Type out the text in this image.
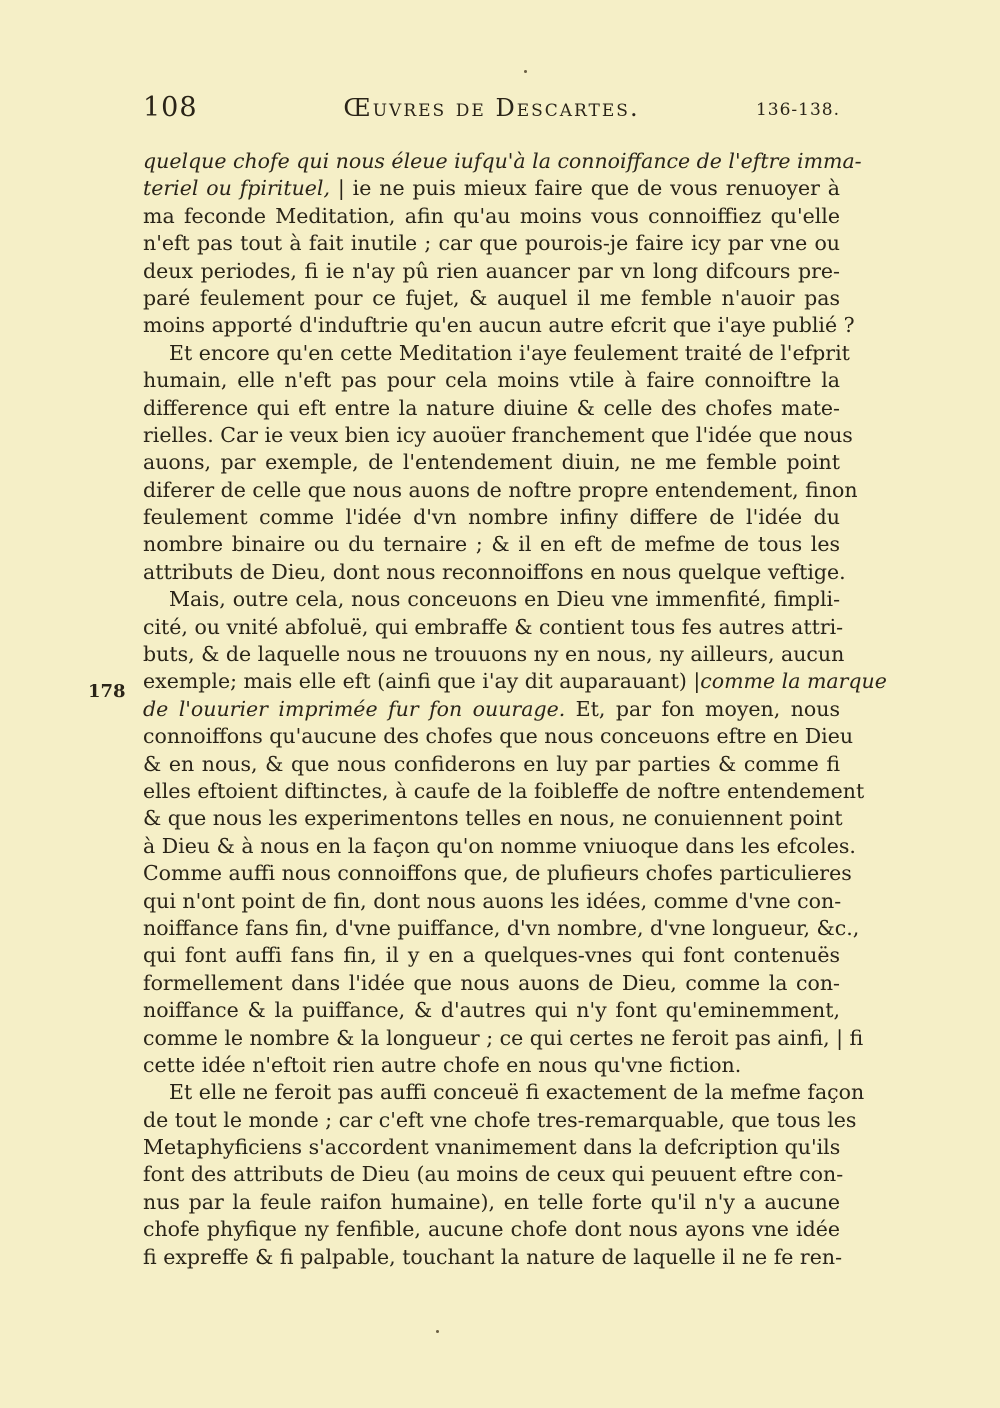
108	Œuvres de Descartes.	136-138.
178
quelque chofe qui nous éleue iufqu'à la connoiffance de l'eftre imma-
teriel ou fpirituel, | ie ne puis mieux faire que de vous renuoyer à
ma feconde Meditation, afin qu'au moins vous connoiffiez qu'elle
n'eft pas tout à fait inutile ; car que pourois-je faire icy par vne ou
deux periodes, fi ie n'ay pû rien auancer par vn long difcours pre-
paré feulement pour ce fujet, & auquel il me femble n'auoir pas
moins apporté d'induftrie qu'en aucun autre efcrit que i'aye publié ?
Et encore qu'en cette Meditation i'aye feulement traité de l'efprit
humain, elle n'eft pas pour cela moins vtile à faire connoiftre la
difference qui eft entre la nature diuine & celle des chofes mate-
rielles. Car ie veux bien icy auoüer franchement que l'idée que nous
auons, par exemple, de l'entendement diuin, ne me femble point
diferer de celle que nous auons de noftre propre entendement, finon
feulement comme l'idée d'vn nombre infiny differe de l'idée du
nombre binaire ou du ternaire ; & il en eft de mefme de tous les
attributs de Dieu, dont nous reconnoiffons en nous quelque veftige.
Mais, outre cela, nous conceuons en Dieu vne immenfité, fimpli-
cité, ou vnité abfoluë, qui embraffe & contient tous fes autres attri-
buts, & de laquelle nous ne trouuons ny en nous, ny ailleurs, aucun
exemple; mais elle eft (ainfi que i'ay dit auparauant) |comme la marque
de l'ouurier imprimée fur fon ouurage. Et, par fon moyen, nous
connoiffons qu'aucune des chofes que nous conceuons eftre en Dieu
& en nous, & que nous confiderons en luy par parties & comme fi
elles eftoient diftinctes, à caufe de la foibleffe de noftre entendement
& que nous les experimentons telles en nous, ne conuiennent point
à Dieu & à nous en la façon qu'on nomme vniuoque dans les efcoles.
Comme auffi nous connoiffons que, de plufieurs chofes particulieres
qui n'ont point de fin, dont nous auons les idées, comme d'vne con-
noiffance fans fin, d'vne puiffance, d'vn nombre, d'vne longueur, &c.,
qui font auffi fans fin, il y en a quelques-vnes qui font contenuës
formellement dans l'idée que nous auons de Dieu, comme la con-
noiffance & la puiffance, & d'autres qui n'y font qu'eminemment,
comme le nombre & la longueur ; ce qui certes ne feroit pas ainfi, | fi
cette idée n'eftoit rien autre chofe en nous qu'vne fiction.
Et elle ne feroit pas auffi conceuë fi exactement de la mefme façon
de tout le monde ; car c'eft vne chofe tres-remarquable, que tous les
Metaphyficiens s'accordent vnanimement dans la defcription qu'ils
font des attributs de Dieu (au moins de ceux qui peuuent eftre con-
nus par la feule raifon humaine), en telle forte qu'il n'y a aucune
chofe phyfique ny fenfible, aucune chofe dont nous ayons vne idée
fi expreffe & fi palpable, touchant la nature de laquelle il ne fe ren-
